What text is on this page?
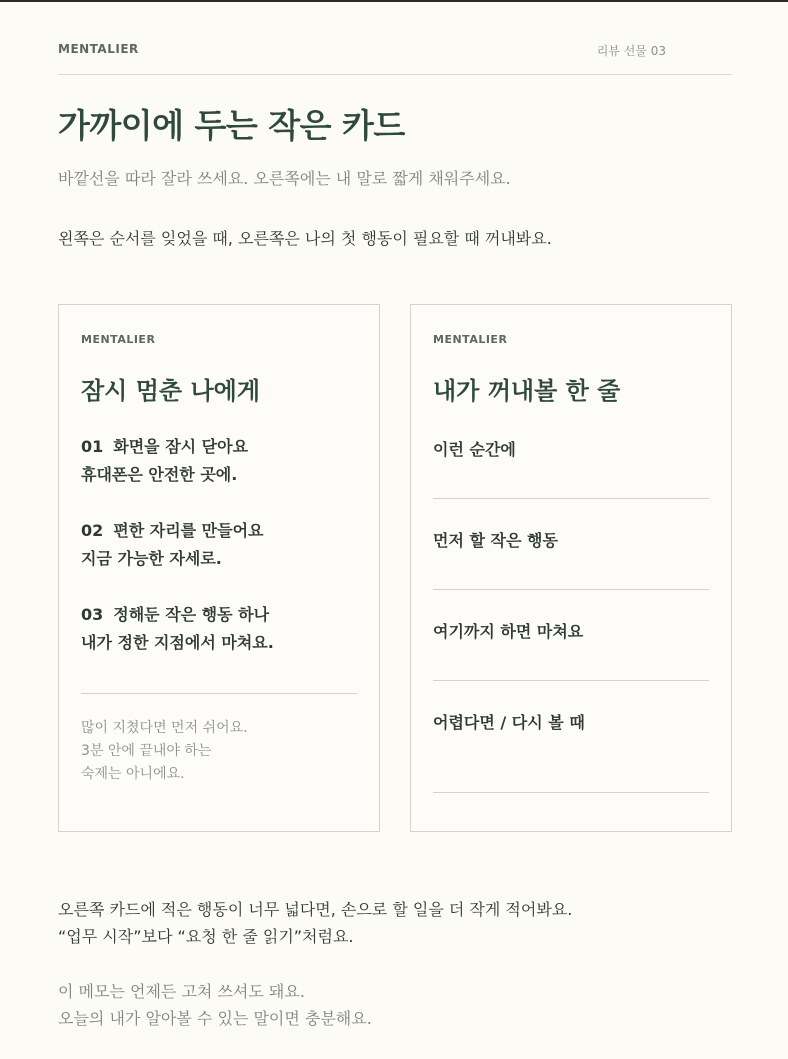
MENTALIER	리뷰 선물 03
가까이에 두는 작은 카드
바깥선을 따라 잘라 쓰세요. 오른쪽에는 내 말로 짧게 채워주세요.
왼쪽은 순서를 잊었을 때, 오른쪽은 나의 첫 행동이 필요할 때 꺼내봐요.
MENTALIER
잠시 멈춘 나에게
01 화면을 잠시 닫아요
휴대폰은 안전한 곳에.
02 편한 자리를 만들어요
지금 가능한 자세로.
03 정해둔 작은 행동 하나
내가 정한 지점에서 마쳐요.
많이 지쳤다면 먼저 쉬어요.
3분 안에 끝내야 하는
숙제는 아니에요.
MENTALIER
내가 꺼내볼 한 줄
이런 순간에
먼저 할 작은 행동
여기까지 하면 마쳐요
어렵다면 / 다시 볼 때
오른쪽 카드에 적은 행동이 너무 넓다면, 손으로 할 일을 더 작게 적어봐요.
“업무 시작”보다 “요청 한 줄 읽기”처럼요.
이 메모는 언제든 고쳐 쓰셔도 돼요.
오늘의 내가 알아볼 수 있는 말이면 충분해요.
